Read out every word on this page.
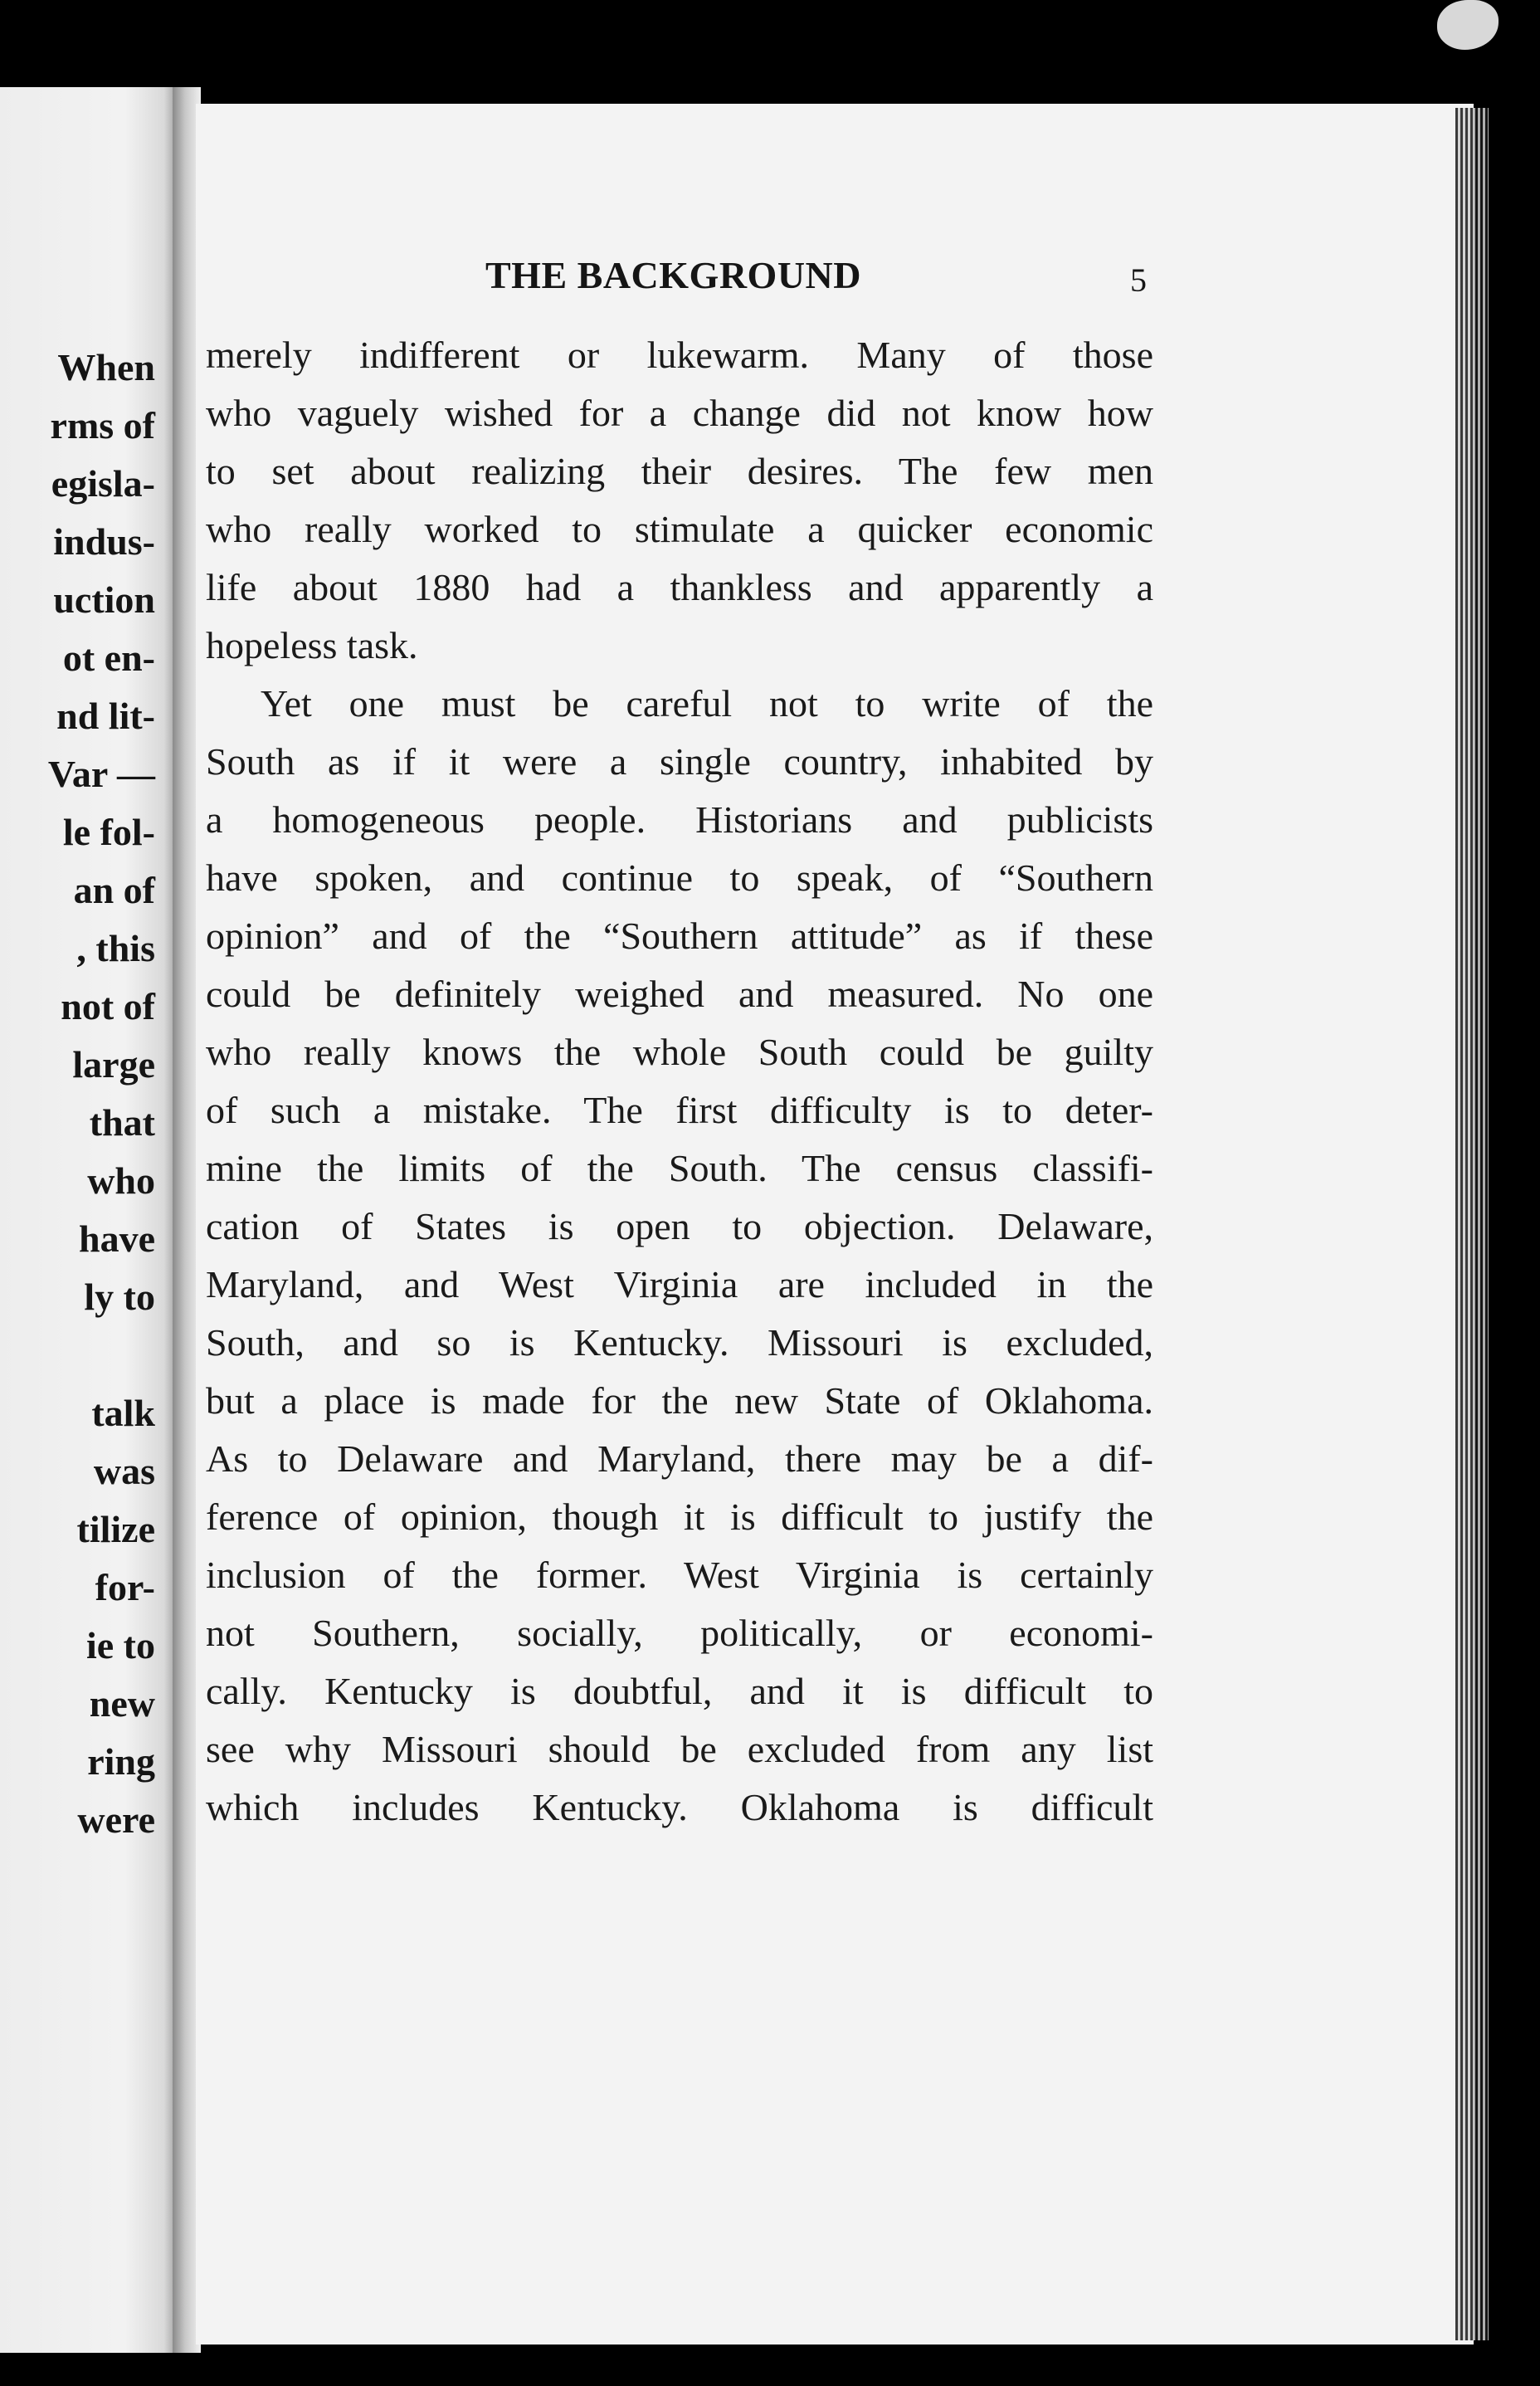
When

rms of

egisla-

indus-

uction

ot en-

nd lit-

Var —

le fol-

an of

, this

not of

large

that

who

have

ly to

talk

was

tilize

for-

ie to

new

ring

were

THE BACKGROUND	5

merely indifferent or lukewarm. Many of those
who vaguely wished for a change did not know how
to set about realizing their desires. The few men
who really worked to stimulate a quicker economic
life about 1880 had a thankless and apparently a
hopeless task.
Yet one must be careful not to write of the
South as if it were a single country, inhabited by
a homogeneous people. Historians and publicists
have spoken, and continue to speak, of “Southern
opinion” and of the “Southern attitude” as if these
could be definitely weighed and measured. No one
who really knows the whole South could be guilty
of such a mistake. The first difficulty is to deter-
mine the limits of the South. The census classifi-
cation of States is open to objection. Delaware,
Maryland, and West Virginia are included in the
South, and so is Kentucky. Missouri is excluded,
but a place is made for the new State of Oklahoma.
As to Delaware and Maryland, there may be a dif-
ference of opinion, though it is difficult to justify the
inclusion of the former. West Virginia is certainly
not Southern, socially, politically, or economi-
cally. Kentucky is doubtful, and it is difficult to
see why Missouri should be excluded from any list
which includes Kentucky. Oklahoma is difficult
